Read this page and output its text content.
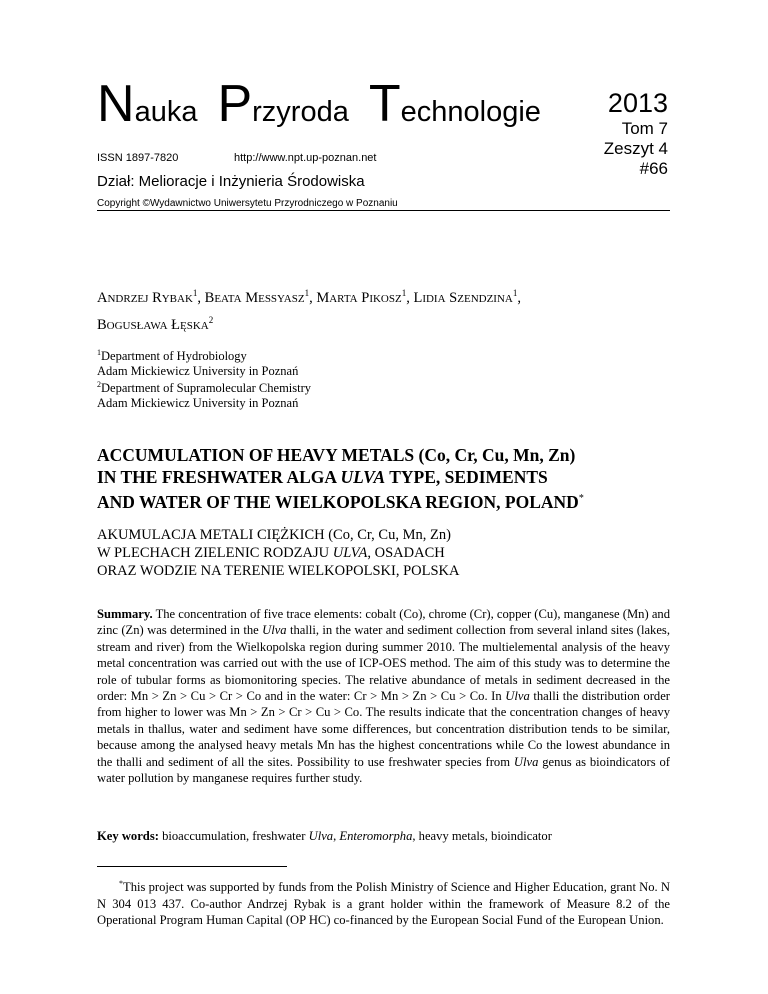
Nauka Przyroda Technologie
ISSN 1897-7820	http://www.npt.up-poznan.net
Dział: Melioracje i Inżynieria Środowiska
Copyright ©Wydawnictwo Uniwersytetu Przyrodniczego w Poznaniu
2013
Tom 7
Zeszyt 4
#66
ANDRZEJ RYBAK$^1$, BEATA MESSYASZ$^1$, MARTA PIKOSZ$^1$, LIDIA SZENDZINA$^1$,
BOGUSŁAWA ŁĘSKA$^2$
$^1$Department of Hydrobiology
Adam Mickiewicz University in Poznań
$^2$Department of Supramolecular Chemistry
Adam Mickiewicz University in Poznań
ACCUMULATION OF HEAVY METALS (Co, Cr, Cu, Mn, Zn)
IN THE FRESHWATER ALGA ULVA TYPE, SEDIMENTS
AND WATER OF THE WIELKOPOLSKA REGION, POLAND*
AKUMULACJA METALI CIĘŻKICH (Co, Cr, Cu, Mn, Zn)
W PLECHACH ZIELENIC RODZAJU ULVA, OSADACH
ORAZ WODZIE NA TERENIE WIELKOPOLSKI, POLSKA
Summary. The concentration of five trace elements: cobalt (Co), chrome (Cr), copper (Cu), manganese (Mn) and zinc (Zn) was determined in the Ulva thalli, in the water and sediment collection from several inland sites (lakes, stream and river) from the Wielkopolska region during summer 2010. The multielemental analysis of the heavy metal concentration was carried out with the use of ICP-OES method. The aim of this study was to determine the role of tubular forms as biomonitoring species. The relative abundance of metals in sediment decreased in the order: Mn > Zn > Cu > Cr > Co and in the water: Cr > Mn > Zn > Cu > Co. In Ulva thalli the distribution order from higher to lower was Mn > Zn > Cr > Cu > Co. The results indicate that the concentration changes of heavy metals in thallus, water and sediment have some differences, but concentration distribution tends to be similar, because among the analysed heavy metals Mn has the highest concentrations while Co the lowest abundance in the thalli and sediment of all the sites. Possibility to use freshwater species from Ulva genus as bioindicators of water pollution by manganese requires further study.
Key words: bioaccumulation, freshwater Ulva, Enteromorpha, heavy metals, bioindicator
*This project was supported by funds from the Polish Ministry of Science and Higher Education, grant No. N N 304 013 437. Co-author Andrzej Rybak is a grant holder within the framework of Measure 8.2 of the Operational Program Human Capital (OP HC) co-financed by the European Social Fund of the European Union.
